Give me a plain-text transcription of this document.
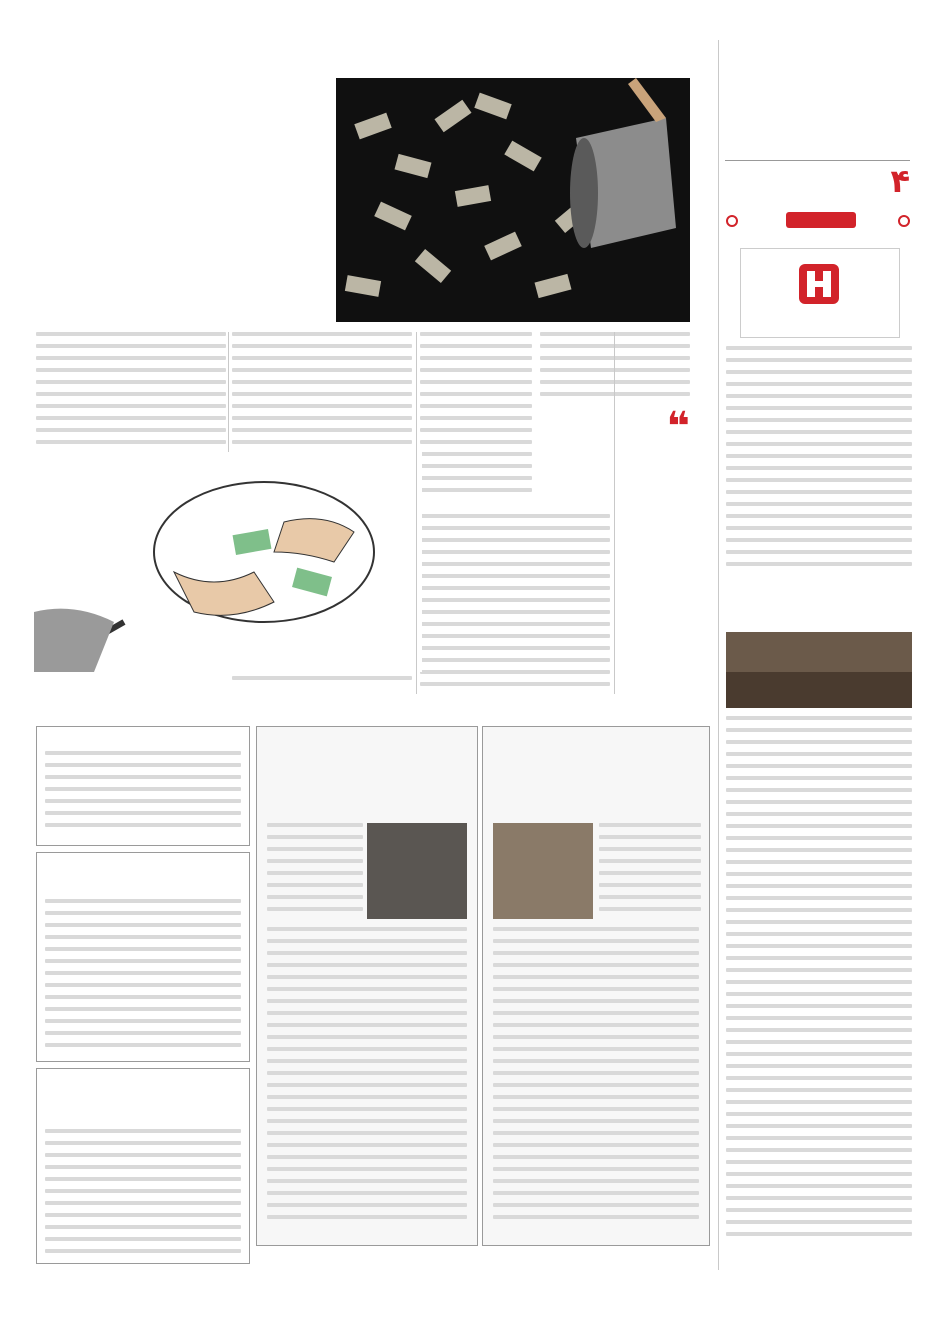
۴
❝
